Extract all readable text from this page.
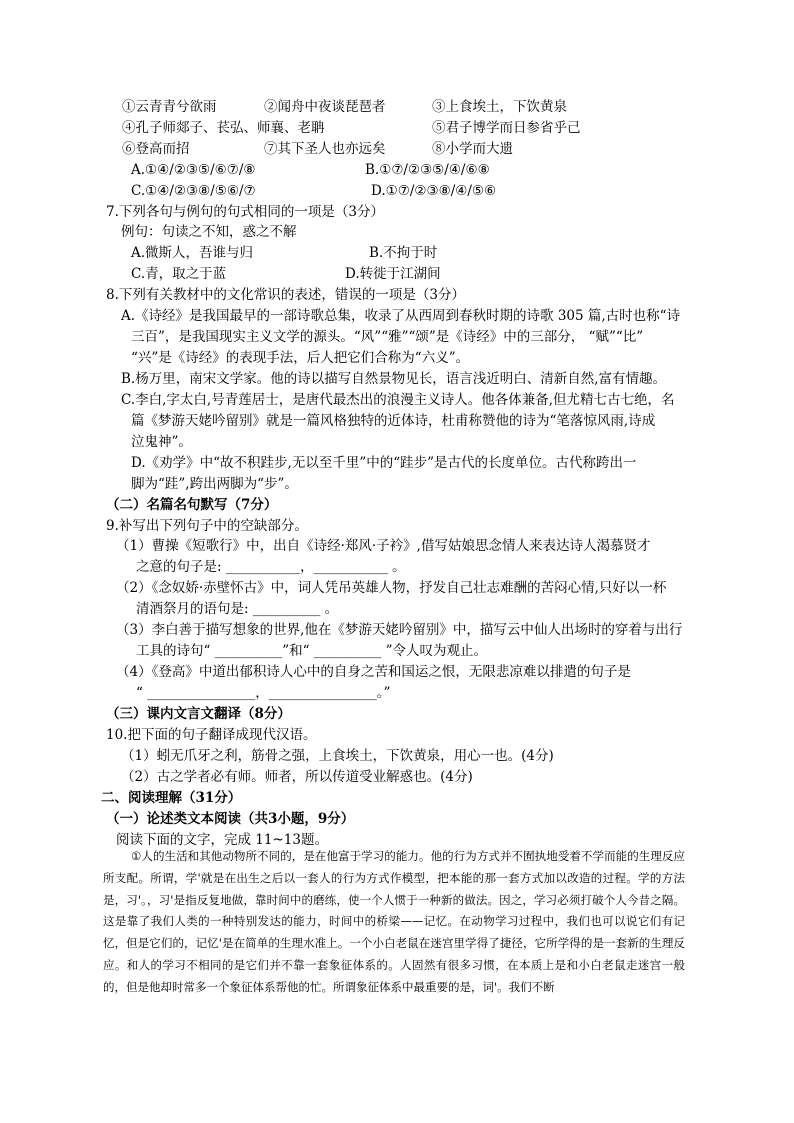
①云青青兮欲雨	②闻舟中夜谈琵琶者	③上食埃土，下饮黄泉
④孔子师郯子、苌弘、师襄、老聃	⑤君子博学而日参省乎己
⑥登高而招	⑦其下圣人也亦远矣	⑧小学而大遗
A.①④/②③⑤/⑥⑦/⑧	B.①⑦/②③⑤/④/⑥⑧
C.①④/②③⑧/⑤⑥/⑦	D.①⑦/②③⑧/④/⑤⑥
7.下列各句与例句的句式相同的一项是（3分）
例句：句读之不知，惑之不解
A.微斯人，吾谁与归	B.不拘于时
C.青，取之于蓝	D.转徙于江湖间
8.下列有关教材中的文化常识的表述，错误的一项是（3分）
A.《诗经》是我国最早的一部诗歌总集，收录了从西周到春秋时期的诗歌 305 篇,古时也称“诗
三百”，是我国现实主义文学的源头。“风”“雅”“颂”是《诗经》中的三部分， “赋”“比”
“兴”是《诗经》的表现手法，后人把它们合称为“六义”。
B.杨万里，南宋文学家。他的诗以描写自然景物见长，语言浅近明白、清新自然,富有情趣。
C.李白,字太白,号青莲居士，是唐代最杰出的浪漫主义诗人。他各体兼备,但尤精七古七绝，名
篇《梦游天姥吟留别》就是一篇风格独特的近体诗，杜甫称赞他的诗为“笔落惊风雨,诗成
泣鬼神”。
D.《劝学》中“故不积跬步,无以至千里”中的“跬步”是古代的长度单位。古代称跨出一
脚为“跬”,跨出两脚为“步”。
（二）名篇名句默写（7分）
9.补写出下列句子中的空缺部分。
（1）曹操《短歌行》中，出自《诗经·郑风·子衿》,借写姑娘思念情人来表达诗人渴慕贤才
之意的句子是: ___________，___________ 。
（2）《念奴娇·赤壁怀古》中，词人凭吊英雄人物，抒发自己壮志难酬的苦闷心情,只好以一杯
清酒祭月的语句是: __________ 。
（3）李白善于描写想象的世界,他在《梦游天姥吟留别》中，描写云中仙人出场时的穿着与出行
工具的诗句“ __________”和“ __________ ”令人叹为观止。
（4）《登高》中道出郁积诗人心中的自身之苦和国运之恨，无限悲凉难以排遣的句子是
“ ________________，________________。”
（三）课内文言文翻译（8分）
10.把下面的句子翻译成现代汉语。
（1）蚓无爪牙之利，筋骨之强，上食埃土，下饮黄泉，用心一也。(4分)
（2）古之学者必有师。师者，所以传道受业解惑也。(4分)
二、阅读理解（31分）
（一）论述类文本阅读（共3小题，9分）
阅读下面的文字，完成 11~13题。
①人的生活和其他动物所不同的，是在他富于学习的能力。他的行为方式并不囿执地受着不学而能的生理反应所支配。所谓，学'就是在出生之后以一套人的行为方式作模型，把本能的那一套方式加以改造的过程。学的方法是，习'。，习'是指反复地做，靠时间中的磨练，使一个人惯于一种新的做法。因之，学习必须打破个人今昔之隔。这是靠了我们人类的一种特别发达的能力，时间中的桥梁——记忆。在动物学习过程中，我们也可以说它们有记忆，但是它们的，记忆'是在简单的生理水准上。一个小白老鼠在迷宫里学得了捷径，它所学得的是一套新的生理反应。和人的学习不相同的是它们并不靠一套象征体系的。人固然有很多习惯，在本质上是和小白老鼠走迷宫一般的，但是他却时常多一个象征体系帮他的忙。所谓象征体系中最重要的是，词'。我们不断
